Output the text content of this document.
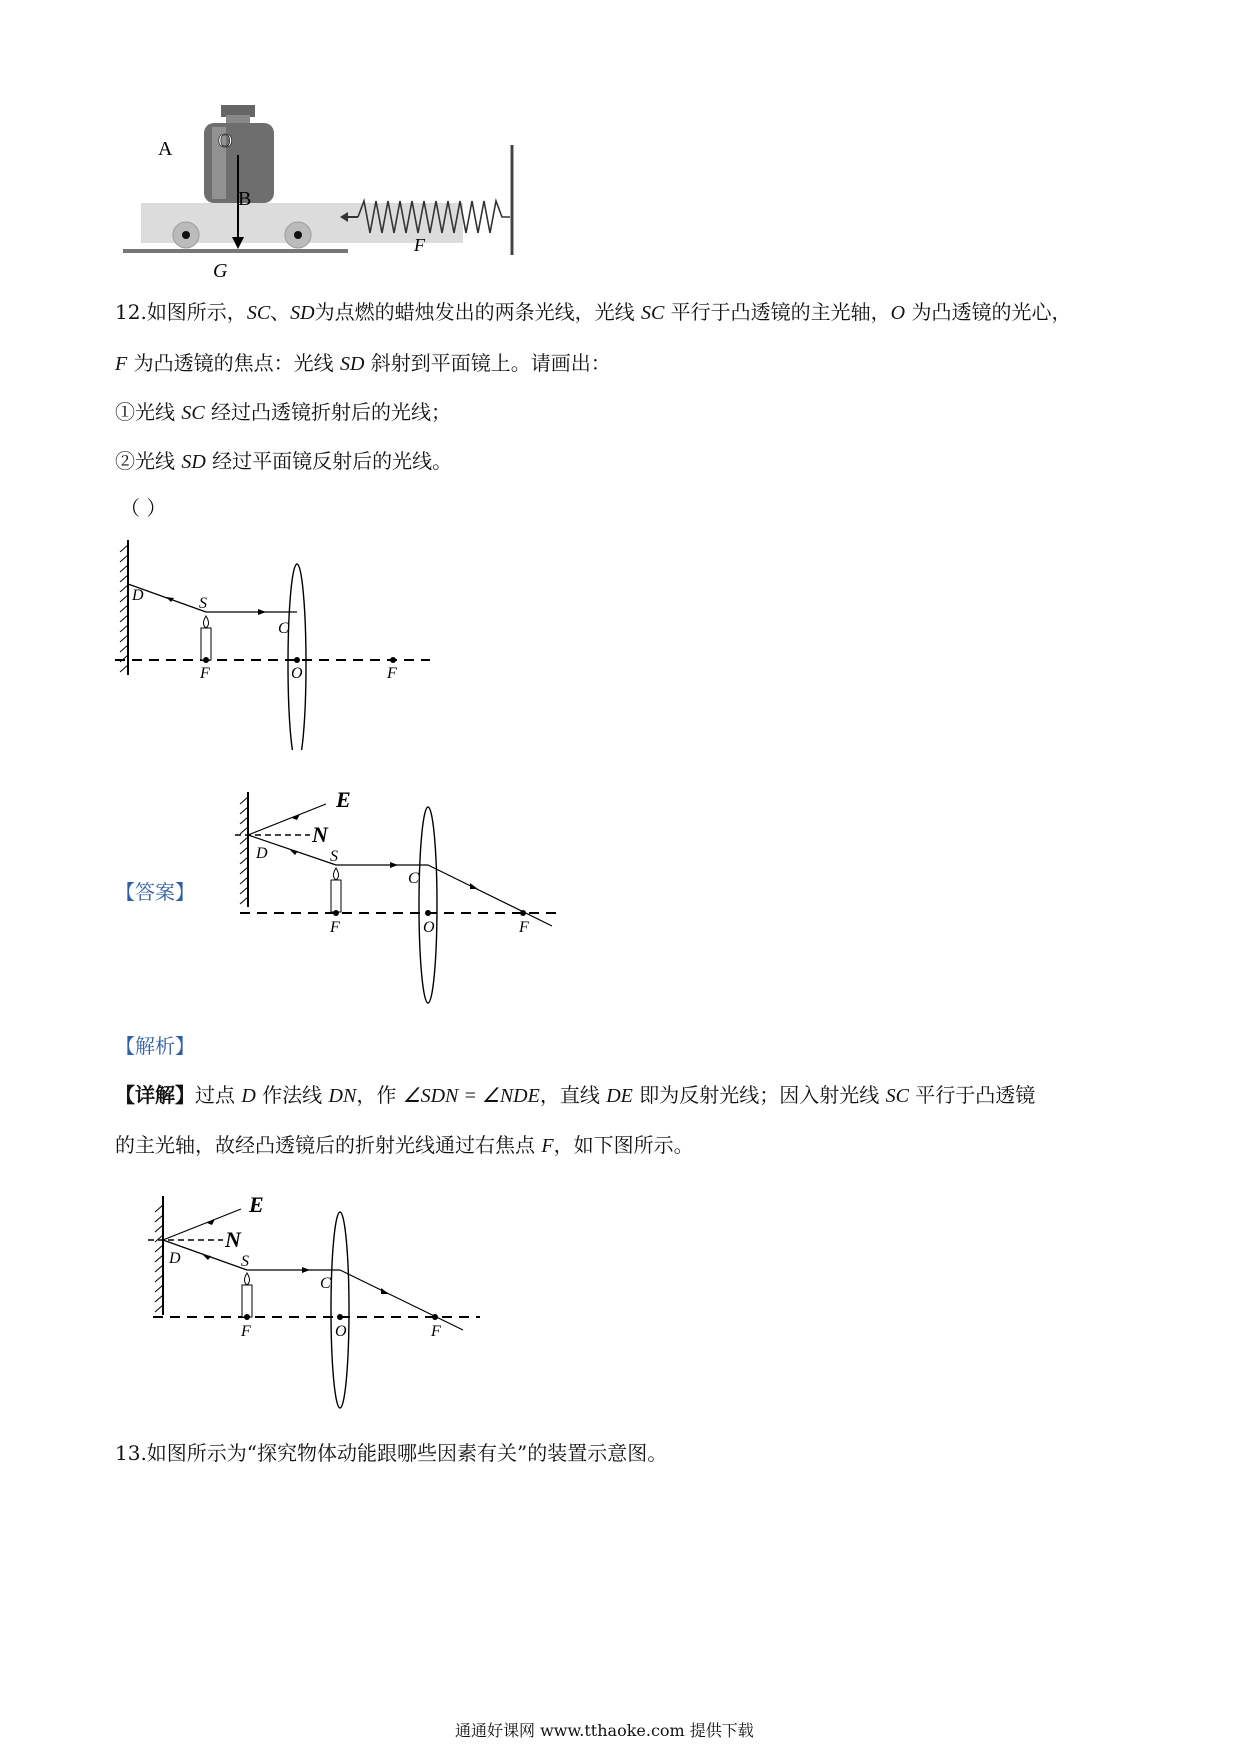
A O
B
G
F
12.如图所示，SC、SD为点燃的蜡烛发出的两条光线，光线 SC 平行于凸透镜的主光轴，O 为凸透镜的光心，
F 为凸透镜的焦点：光线 SD 斜射到平面镜上。请画出：
①光线 SC 经过凸透镜折射后的光线；
②光线 SD 经过平面镜反射后的光线。
（ ）
D	S
C
F	O	F
【答案】
E
N
D	S
C
F	O	F
【解析】
【详解】过点 D 作法线 DN，作 ∠SDN = ∠NDE，直线 DE 即为反射光线；因入射光线 SC 平行于凸透镜
的主光轴，故经凸透镜后的折射光线通过右焦点 F，如下图所示。
E
N
D	S
C
F	O	F
13.如图所示为“探究物体动能跟哪些因素有关”的装置示意图。
通通好课网 www.tthaoke.com 提供下载
